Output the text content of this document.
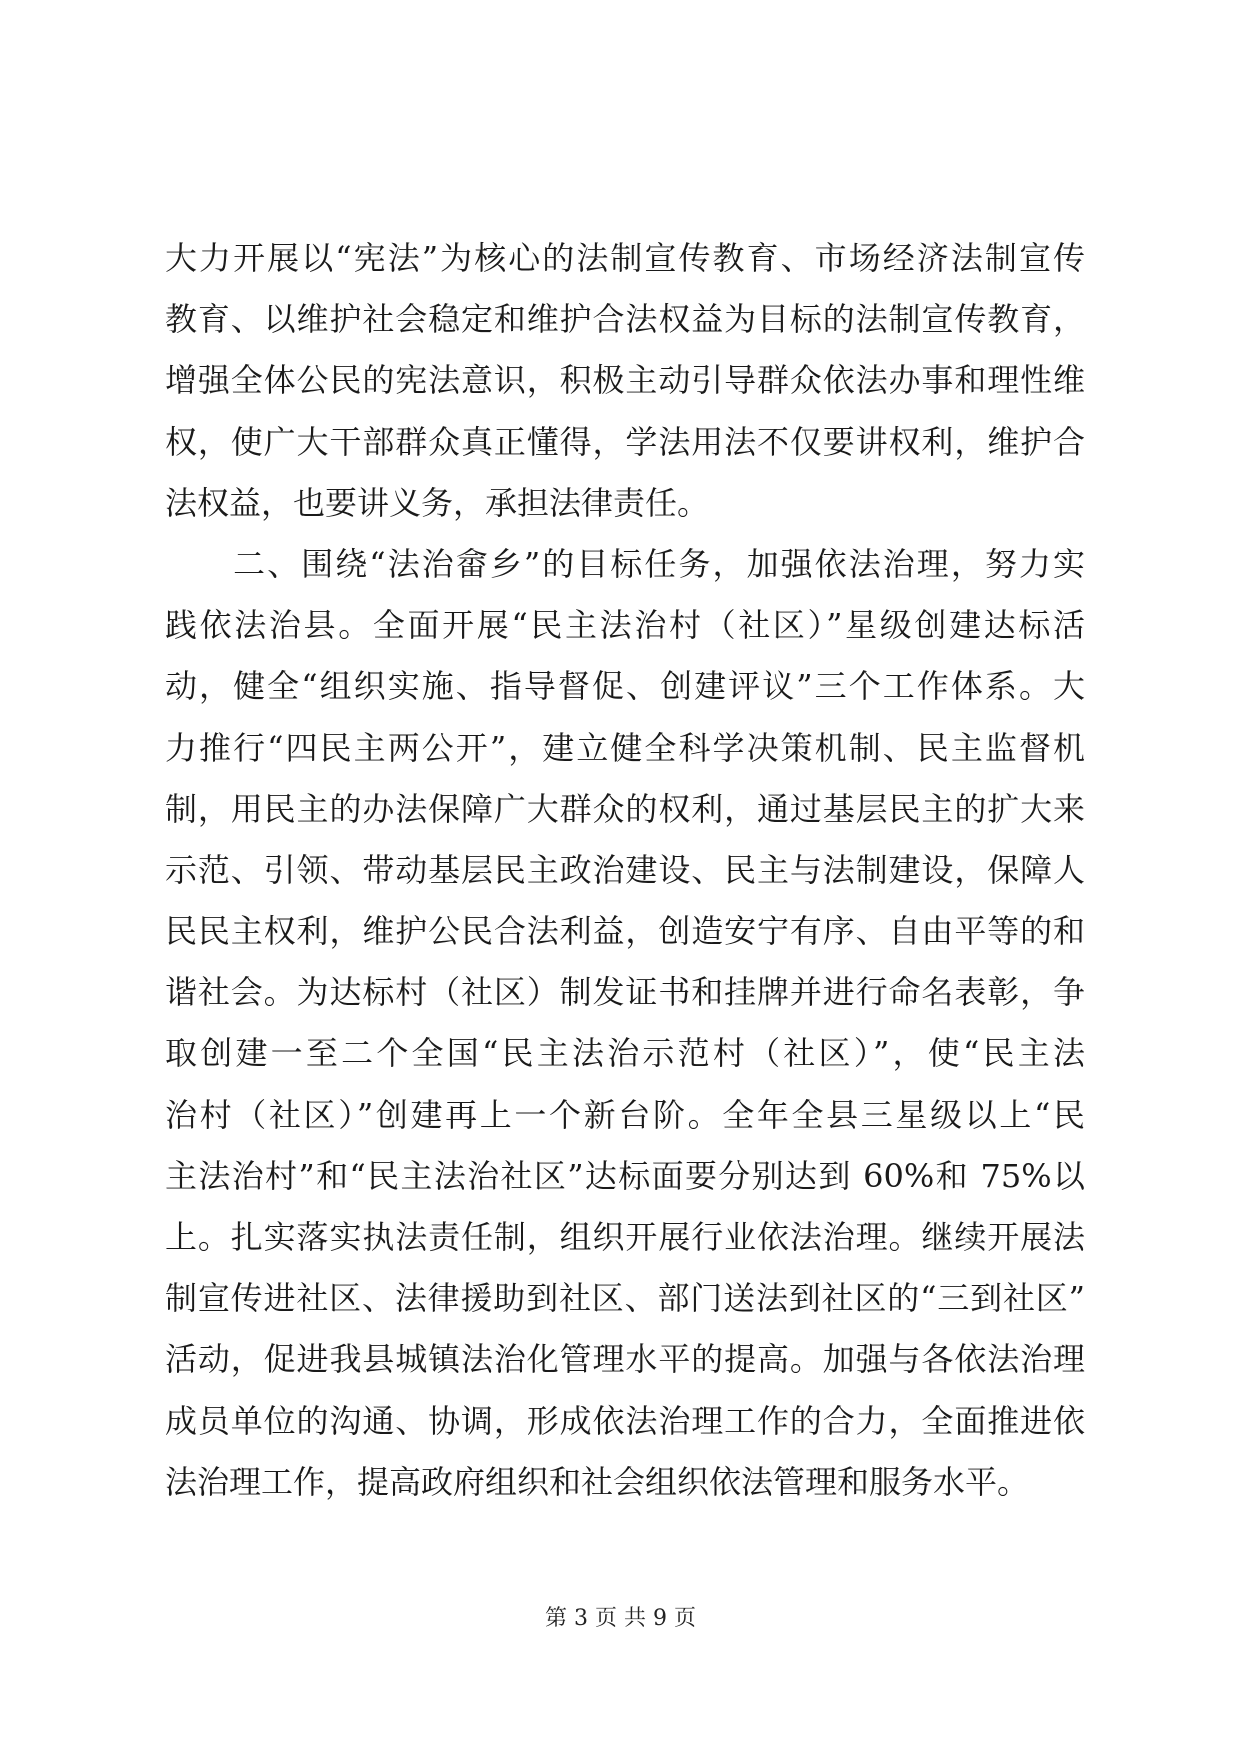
大力开展以“宪法”为核心的法制宣传教育、市场经济法制宣传
教育、以维护社会稳定和维护合法权益为目标的法制宣传教育，
增强全体公民的宪法意识，积极主动引导群众依法办事和理性维
权，使广大干部群众真正懂得，学法用法不仅要讲权利，维护合
法权益，也要讲义务，承担法律责任。
　　二、围绕“法治畲乡”的目标任务，加强依法治理，努力实
践依法治县。全面开展“民主法治村（社区）”星级创建达标活
动，健全“组织实施、指导督促、创建评议”三个工作体系。大
力推行“四民主两公开”，建立健全科学决策机制、民主监督机
制，用民主的办法保障广大群众的权利，通过基层民主的扩大来
示范、引领、带动基层民主政治建设、民主与法制建设，保障人
民民主权利，维护公民合法利益，创造安宁有序、自由平等的和
谐社会。为达标村（社区）制发证书和挂牌并进行命名表彰，争
取创建一至二个全国“民主法治示范村（社区）”，使“民主法
治村（社区）”创建再上一个新台阶。全年全县三星级以上“民
主法治村”和“民主法治社区”达标面要分别达到 60%和 75%以
上。扎实落实执法责任制，组织开展行业依法治理。继续开展法
制宣传进社区、法律援助到社区、部门送法到社区的“三到社区”
活动，促进我县城镇法治化管理水平的提高。加强与各依法治理
成员单位的沟通、协调，形成依法治理工作的合力，全面推进依
法治理工作，提高政府组织和社会组织依法管理和服务水平。
第 3 页 共 9 页
